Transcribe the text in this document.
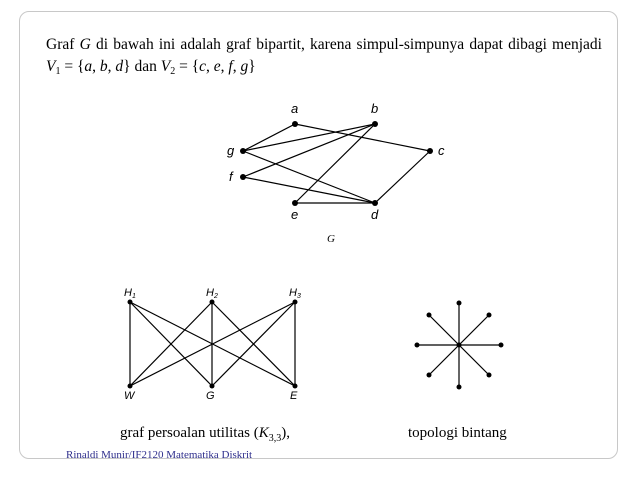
Graf G di bawah ini adalah graf bipartit, karena simpul-simpunya dapat dibagi menjadi $V_1 = \{a$, b, d} dan $V_2 = \{c$, e, f, g}
a	b
c
g
f
e	d
G
H1	H2	H3
W	G	E
graf persoalan utilitas $(K_{3,3})$,	topologi bintang
Rinaldi Munir/IF2120 Matematika Diskrit
